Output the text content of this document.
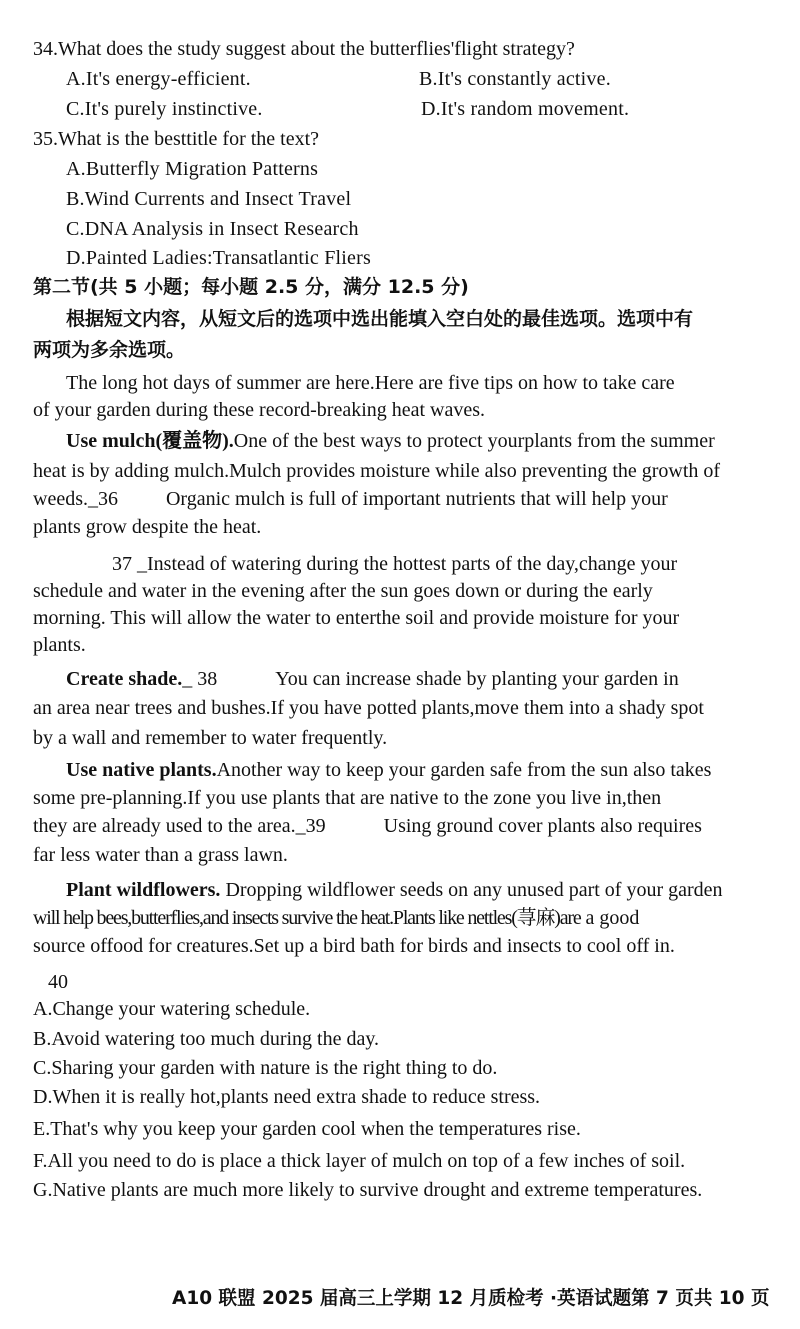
34.What does the study suggest about the butterflies'flight strategy?
A.It's energy-efficient.	B.It's constantly active.
C.It's purely instinctive.	D.It's random movement.
35.What is the besttitle for the text?
A.Butterfly Migration Patterns
B.Wind Currents and Insect Travel
C.DNA Analysis in Insect Research
D.Painted Ladies:Transatlantic Fliers
第二节(共 5 小题；每小题 2.5 分，满分 12.5 分)
根据短文内容，从短文后的选项中选出能填入空白处的最佳选项。选项中有
两项为多余选项。
The long hot days of summer are here.Here are five tips on how to take care
of your garden during these record-breaking heat waves.
Use mulch(覆盖物).One of the best ways to protect yourplants from the summer
heat is by adding mulch.Mulch provides moisture while also preventing the growth of
weeds._36 Organic mulch is full of important nutrients that will help your
plants grow despite the heat.
37 _Instead of watering during the hottest parts of the day,change your
schedule and water in the evening after the sun goes down or during the early
morning. This will allow the water to enterthe soil and provide moisture for your
plants.
Create shade._ 38	You can increase shade by planting your garden in
an area near trees and bushes.If you have potted plants,move them into a shady spot
by a wall and remember to water frequently.
Use native plants.Another way to keep your garden safe from the sun also takes
some pre-planning.If you use plants that are native to the zone you live in,then
they are already used to the area._39	Using ground cover plants also requires
far less water than a grass lawn.
Plant wildflowers. Dropping wildflower seeds on any unused part of your garden
will help bees,butterflies,and insects survive the heat.Plants like nettles(荨麻)are a good
source offood for creatures.Set up a bird bath for birds and insects to cool off in.
40
A.Change your watering schedule.
B.Avoid watering too much during the day.
C.Sharing your garden with nature is the right thing to do.
D.When it is really hot,plants need extra shade to reduce stress.
E.That's why you keep your garden cool when the temperatures rise.
F.All you need to do is place a thick layer of mulch on top of a few inches of soil.
G.Native plants are much more likely to survive drought and extreme temperatures.
A10 联盟 2025 届高三上学期 12 月质检考 ·英语试题第 7 页共 10 页
